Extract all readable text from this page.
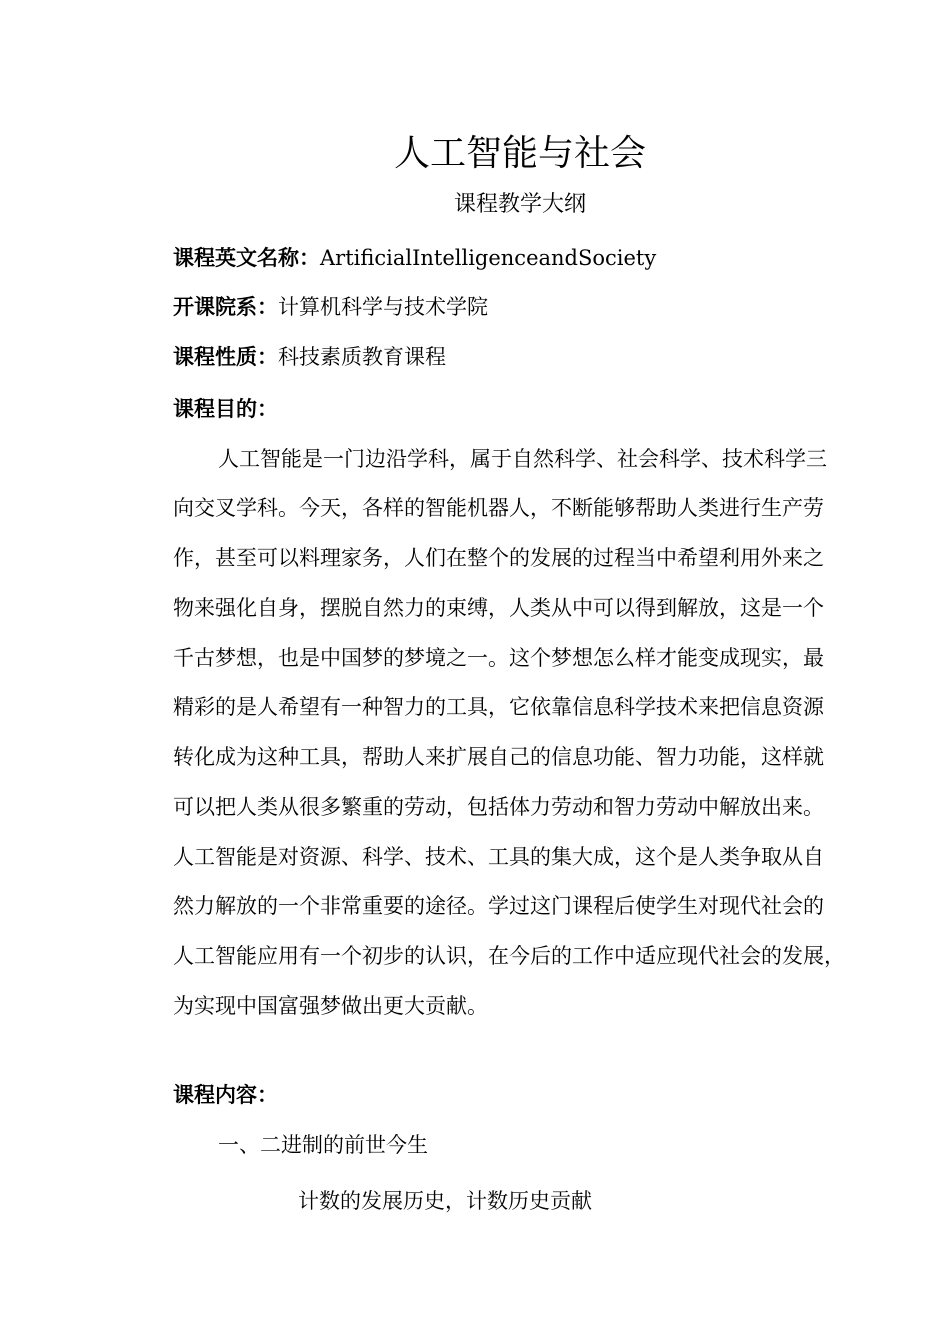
人工智能与社会
课程教学大纲
课程英文名称：ArtificialIntelligenceandSociety
开课院系：计算机科学与技术学院
课程性质：科技素质教育课程
课程目的：
人工智能是一门边沿学科，属于自然科学、社会科学、技术科学三
向交叉学科。今天，各样的智能机器人，不断能够帮助人类进行生产劳
作，甚至可以料理家务，人们在整个的发展的过程当中希望利用外来之
物来强化自身，摆脱自然力的束缚，人类从中可以得到解放，这是一个
千古梦想，也是中国梦的梦境之一。这个梦想怎么样才能变成现实，最
精彩的是人希望有一种智力的工具，它依靠信息科学技术来把信息资源
转化成为这种工具，帮助人来扩展自己的信息功能、智力功能，这样就
可以把人类从很多繁重的劳动，包括体力劳动和智力劳动中解放出来。
人工智能是对资源、科学、技术、工具的集大成，这个是人类争取从自
然力解放的一个非常重要的途径。学过这门课程后使学生对现代社会的
人工智能应用有一个初步的认识，在今后的工作中适应现代社会的发展，
为实现中国富强梦做出更大贡献。
课程内容：
一、二进制的前世今生
计数的发展历史，计数历史贡献
